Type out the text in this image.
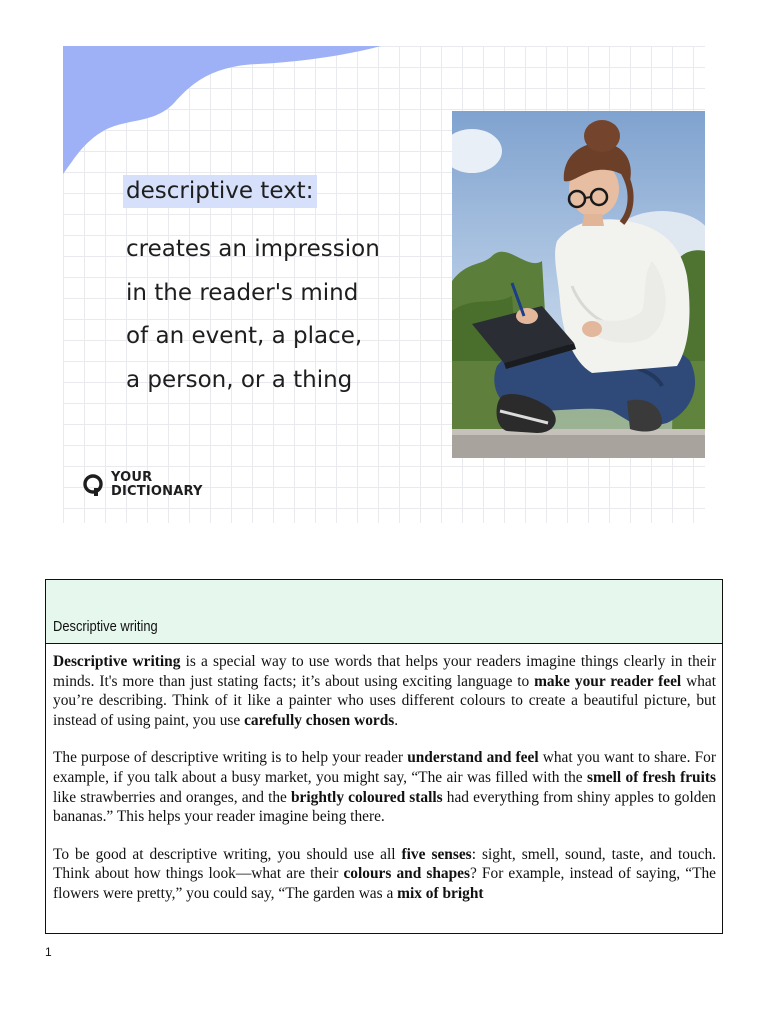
descriptive text:
creates an impression
in the reader's mind
of an event, a place,
a person, or a thing
YOUR
DICTIONARY
Descriptive writing

Descriptive writing is a special way to use words that helps your readers imagine things clearly in their minds. It's more than just stating facts; it’s about using exciting language to make your reader feel what you’re describing. Think of it like a painter who uses different colours to create a beautiful picture, but instead of using paint, you use carefully chosen words.

The purpose of descriptive writing is to help your reader understand and feel what you want to share. For example, if you talk about a busy market, you might say, “The air was filled with the smell of fresh fruits like strawberries and oranges, and the brightly coloured stalls had everything from shiny apples to golden bananas.” This helps your reader imagine being there.

To be good at descriptive writing, you should use all five senses: sight, smell, sound, taste, and touch. Think about how things look—what are their colours and shapes? For example, instead of saying, “The flowers were pretty,” you could say, “The garden was a mix of bright

1
